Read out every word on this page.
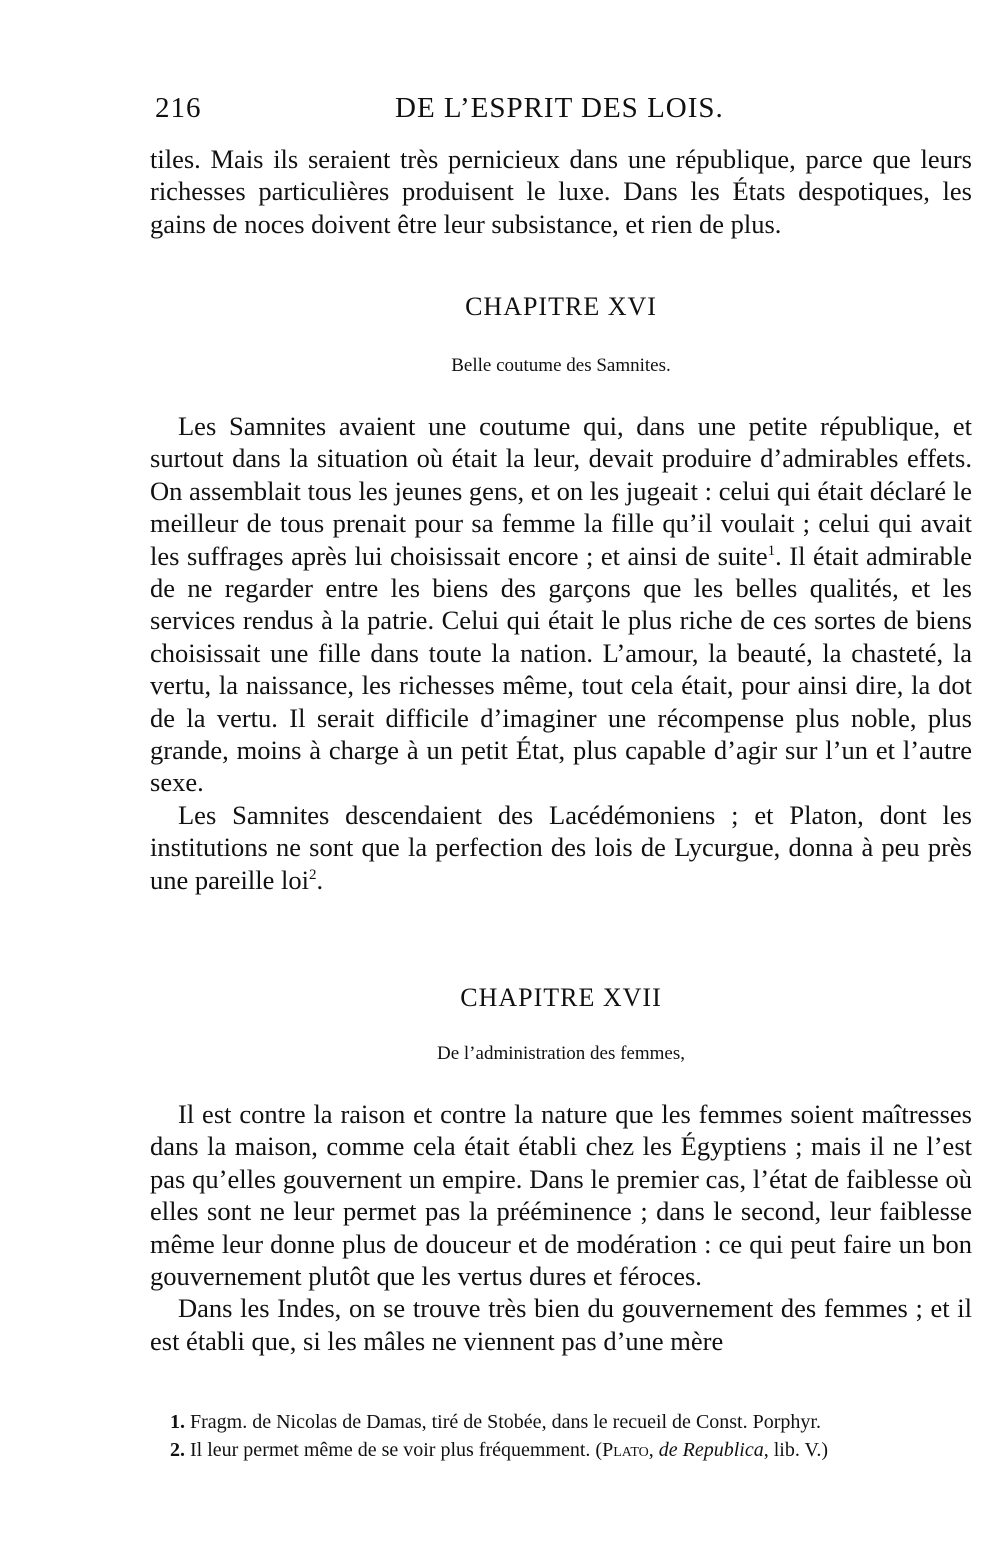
216	DE L’ESPRIT DES LOIS.

tiles. Mais ils seraient très pernicieux dans une république, parce que leurs richesses particulières produisent le luxe. Dans les États despotiques, les gains de noces doivent être leur subsistance, et rien de plus.

CHAPITRE XVI
Belle coutume des Samnites.

Les Samnites avaient une coutume qui, dans une petite république, et surtout dans la situation où était la leur, devait produire d’admirables effets. On assemblait tous les jeunes gens, et on les jugeait : celui qui était déclaré le meilleur de tous prenait pour sa femme la fille qu’il voulait ; celui qui avait les suffrages après lui choisissait encore ; et ainsi de suite$^1$. Il était admirable de ne regarder entre les biens des garçons que les belles qualités, et les services rendus à la patrie. Celui qui était le plus riche de ces sortes de biens choisissait une fille dans toute la nation. L’amour, la beauté, la chasteté, la vertu, la naissance, les richesses même, tout cela était, pour ainsi dire, la dot de la vertu. Il serait difficile d’imaginer une récompense plus noble, plus grande, moins à charge à un petit État, plus capable d’agir sur l’un et l’autre sexe.

Les Samnites descendaient des Lacédémoniens ; et Platon, dont les institutions ne sont que la perfection des lois de Lycurgue, donna à peu près une pareille loi$^2$.

CHAPITRE XVII
De l’administration des femmes,

Il est contre la raison et contre la nature que les femmes soient maîtresses dans la maison, comme cela était établi chez les Égyptiens ; mais il ne l’est pas qu’elles gouvernent un empire. Dans le premier cas, l’état de faiblesse où elles sont ne leur permet pas la prééminence ; dans le second, leur faiblesse même leur donne plus de douceur et de modération : ce qui peut faire un bon gouvernement plutôt que les vertus dures et féroces.

Dans les Indes, on se trouve très bien du gouvernement des femmes ; et il est établi que, si les mâles ne viennent pas d’une mère

1. Fragm. de Nicolas de Damas, tiré de Stobée, dans le recueil de Const. Porphyr.

2. Il leur permet même de se voir plus fréquemment. (Plato, de Republica, lib. V.)
